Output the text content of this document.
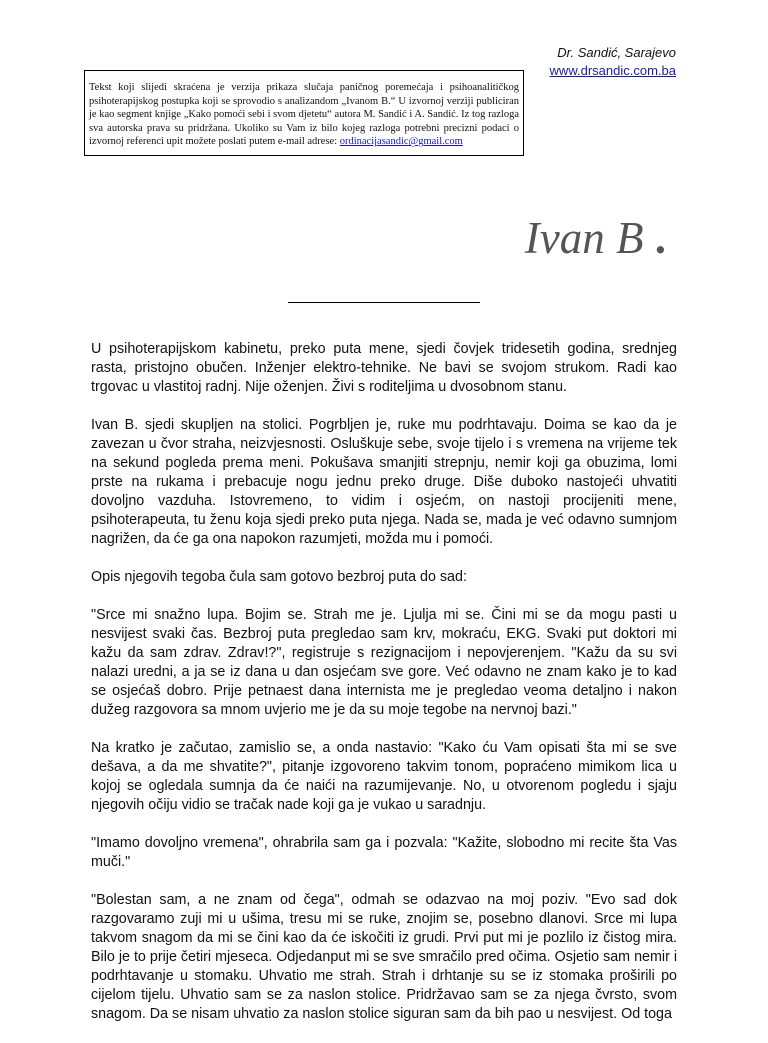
Dr. Sandić, Sarajevo
www.drsandic.com.ba
Tekst koji slijedi skraćena je verzija prikaza slučaja paničnog poremećaja i psihoanalitičkog psihoterapijskog postupka koji se sprovodio s analizandom „Ivanom B.“ U izvornoj verziji publiciran je kao segment knjige „Kako pomoći sebi i svom djetetu“ autora M. Sandić i A. Sandić. Iz tog razloga sva autorska prava su pridržana. Ukoliko su Vam iz bilo kojeg razloga potrebni precizni podaci o izvornoj referenci upit možete poslati putem e-mail adrese: ordinacijasandic@gmail.com
Ivan B .

U psihoterapijskom kabinetu, preko puta mene, sjedi čovjek tridesetih godina, srednjeg rasta, pristojno obučen. Inženjer elektro-tehnike. Ne bavi se svojom strukom. Radi kao trgovac u vlastitoj radnj. Nije oženjen. Živi s roditeljima u dvosobnom stanu.

Ivan B. sjedi skupljen na stolici. Pogrbljen je, ruke mu podrhtavaju. Doima se kao da je zavezan u čvor straha, neizvjesnosti. Osluškuje sebe, svoje tijelo i s vremena na vrijeme tek na sekund pogleda prema meni. Pokušava smanjiti strepnju, nemir koji ga obuzima, lomi prste na rukama i prebacuje nogu jednu preko druge. Diše duboko nastojeći uhvatiti dovoljno vazduha. Istovremeno, to vidim i osjećm, on nastoji procijeniti mene, psihoterapeuta, tu ženu koja sjedi preko puta njega. Nada se, mada je već odavno sumnjom nagrižen, da će ga ona napokon razumjeti, možda mu i pomoći.

Opis njegovih tegoba čula sam gotovo bezbroj puta do sad:

"Srce mi snažno lupa. Bojim se. Strah me je. Ljulja mi se. Čini mi se da mogu pasti u nesvijest svaki čas. Bezbroj puta pregledao sam krv, mokraću, EKG. Svaki put doktori mi kažu da sam zdrav. Zdrav!?", registruje s rezignacijom i nepovjerenjem. "Kažu da su svi nalazi uredni, a ja se iz dana u dan osjećam sve gore. Već odavno ne znam kako je to kad se osjećaš dobro. Prije petnaest dana internista me je pregledao veoma detaljno i nakon dužeg razgovora sa mnom uvjerio me je da su moje tegobe na nervnoj bazi."

Na kratko je začutao, zamislio se, a onda nastavio: "Kako ću Vam opisati šta mi se sve dešava, a da me shvatite?", pitanje izgovoreno takvim tonom, popraćeno mimikom lica u kojoj se ogledala sumnja da će naići na razumijevanje. No, u otvorenom pogledu i sjaju njegovih očiju vidio se tračak nade koji ga je vukao u saradnju.

"Imamo dovoljno vremena", ohrabrila sam ga i pozvala: "Kažite, slobodno mi recite šta Vas muči."

"Bolestan sam, a ne znam od čega", odmah se odazvao na moj poziv. "Evo sad dok razgovaramo zuji mi u ušima, tresu mi se ruke, znojim se, posebno dlanovi. Srce mi lupa takvom snagom da mi se čini kao da će iskočiti iz grudi. Prvi put mi je pozlilo iz čistog mira. Bilo je to prije četiri mjeseca. Odjedanput mi se sve smračilo pred očima. Osjetio sam nemir i podrhtavanje u stomaku. Uhvatio me strah. Strah i drhtanje su se iz stomaka proširili po cijelom tijelu. Uhvatio sam se za naslon stolice. Pridržavao sam se za njega čvrsto, svom snagom. Da se nisam uhvatio za naslon stolice siguran sam da bih pao u nesvijest. Od toga
